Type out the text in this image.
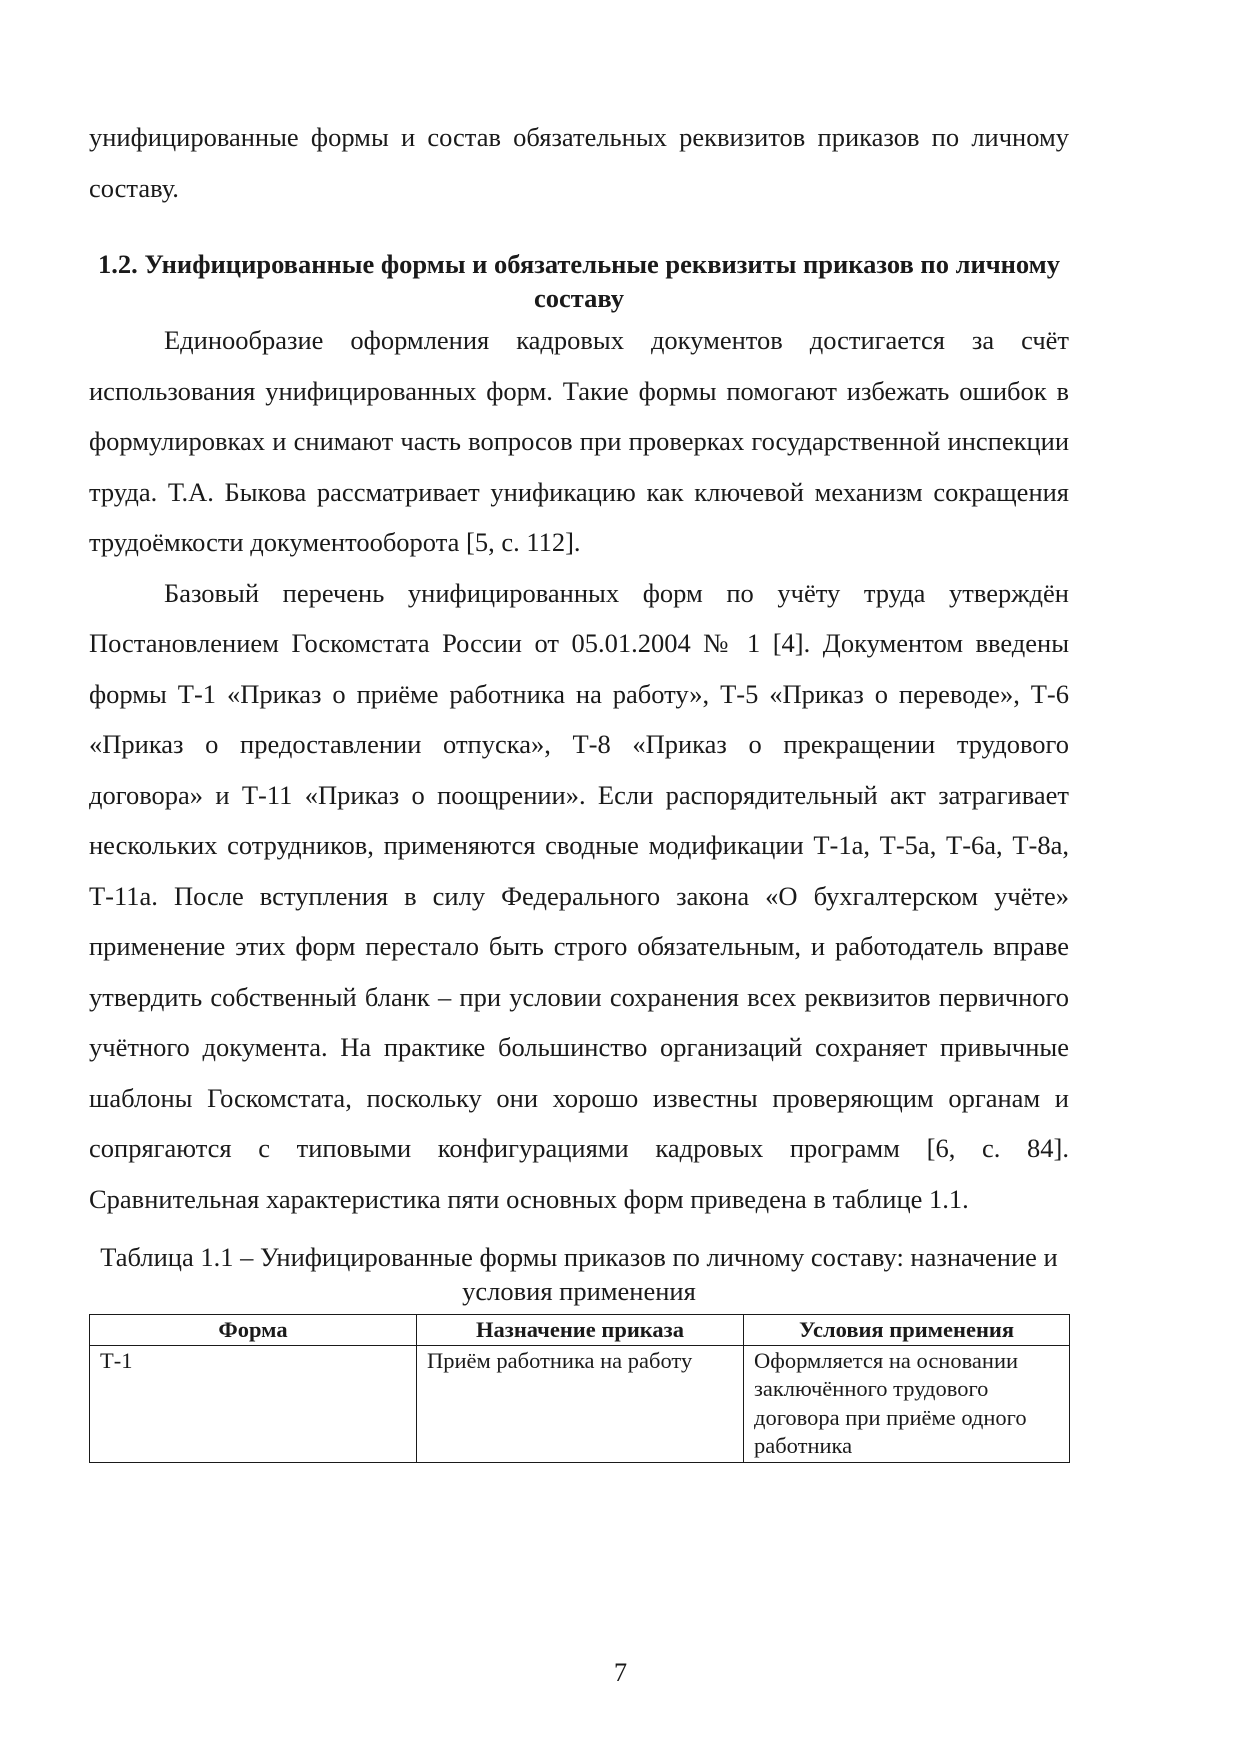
унифицированные формы и состав обязательных реквизитов приказов по личному составу.

1.2. Унифицированные формы и обязательные реквизиты приказов по личному составу

Единообразие оформления кадровых документов достигается за счёт использования унифицированных форм. Такие формы помогают избежать ошибок в формулировках и снимают часть вопросов при проверках государственной инспекции труда. Т.А. Быкова рассматривает унификацию как ключевой механизм сокращения трудоёмкости документооборота [5, с. 112].

Базовый перечень унифицированных форм по учёту труда утверждён Постановлением Госкомстата России от 05.01.2004 № 1 [4]. Документом введены формы Т-1 «Приказ о приёме работника на работу», Т-5 «Приказ о переводе», Т-6 «Приказ о предоставлении отпуска», Т-8 «Приказ о прекращении трудового договора» и Т-11 «Приказ о поощрении». Если распорядительный акт затрагивает нескольких сотрудников, применяются сводные модификации Т-1а, Т-5а, Т-6а, Т-8а, Т-11а. После вступления в силу Федерального закона «О бухгалтерском учёте» применение этих форм перестало быть строго обязательным, и работодатель вправе утвердить собственный бланк – при условии сохранения всех реквизитов первичного учётного документа. На практике большинство организаций сохраняет привычные шаблоны Госкомстата, поскольку они хорошо известны проверяющим органам и сопрягаются с типовыми конфигурациями кадровых программ [6, с. 84]. Сравнительная характеристика пяти основных форм приведена в таблице 1.1.

Таблица 1.1 – Унифицированные формы приказов по личному составу: назначение и условия применения

Форма	Назначение приказа	Условия применения
Т-1	Приём работника на работу	Оформляется на основании заключённого трудового договора при приёме одного работника
7
